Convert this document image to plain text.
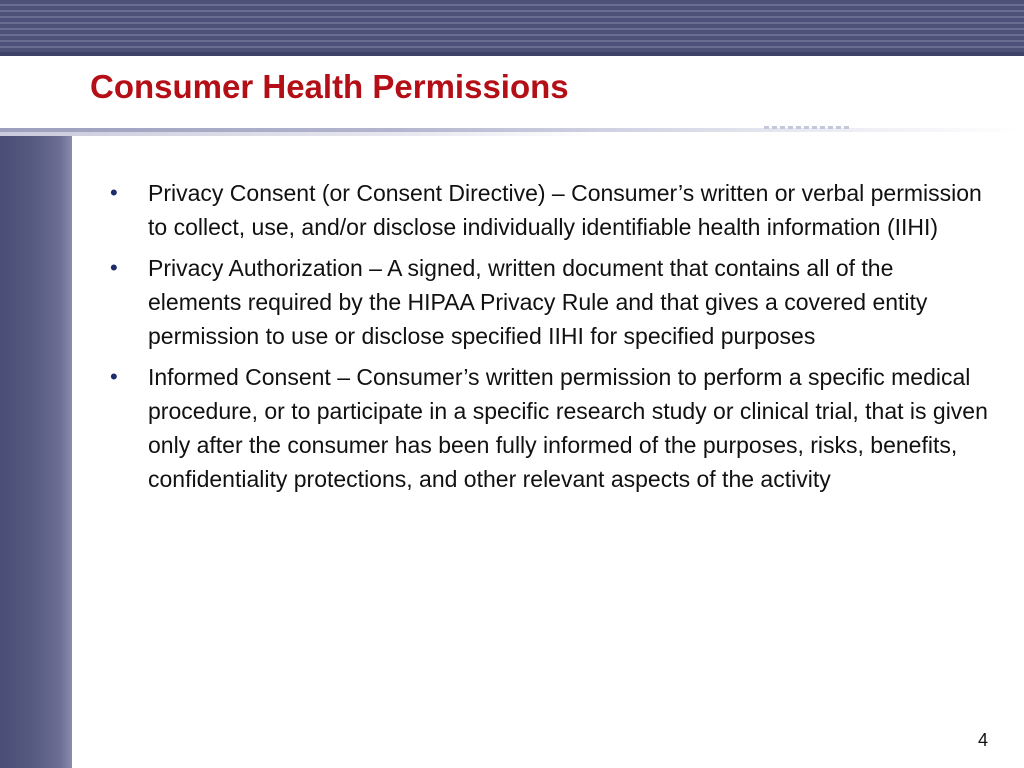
Consumer Health Permissions
• Privacy Consent (or Consent Directive) – Consumer’s written or verbal permission to collect, use, and/or disclose individually identifiable health information (IIHI)
• Privacy Authorization – A signed, written document that contains all of the elements required by the HIPAA Privacy Rule and that gives a covered entity permission to use or disclose specified IIHI for specified purposes
• Informed Consent – Consumer’s written permission to perform a specific medical procedure, or to participate in a specific research study or clinical trial, that is given only after the consumer has been fully informed of the purposes, risks, benefits, confidentiality protections, and other relevant aspects of the activity
4
